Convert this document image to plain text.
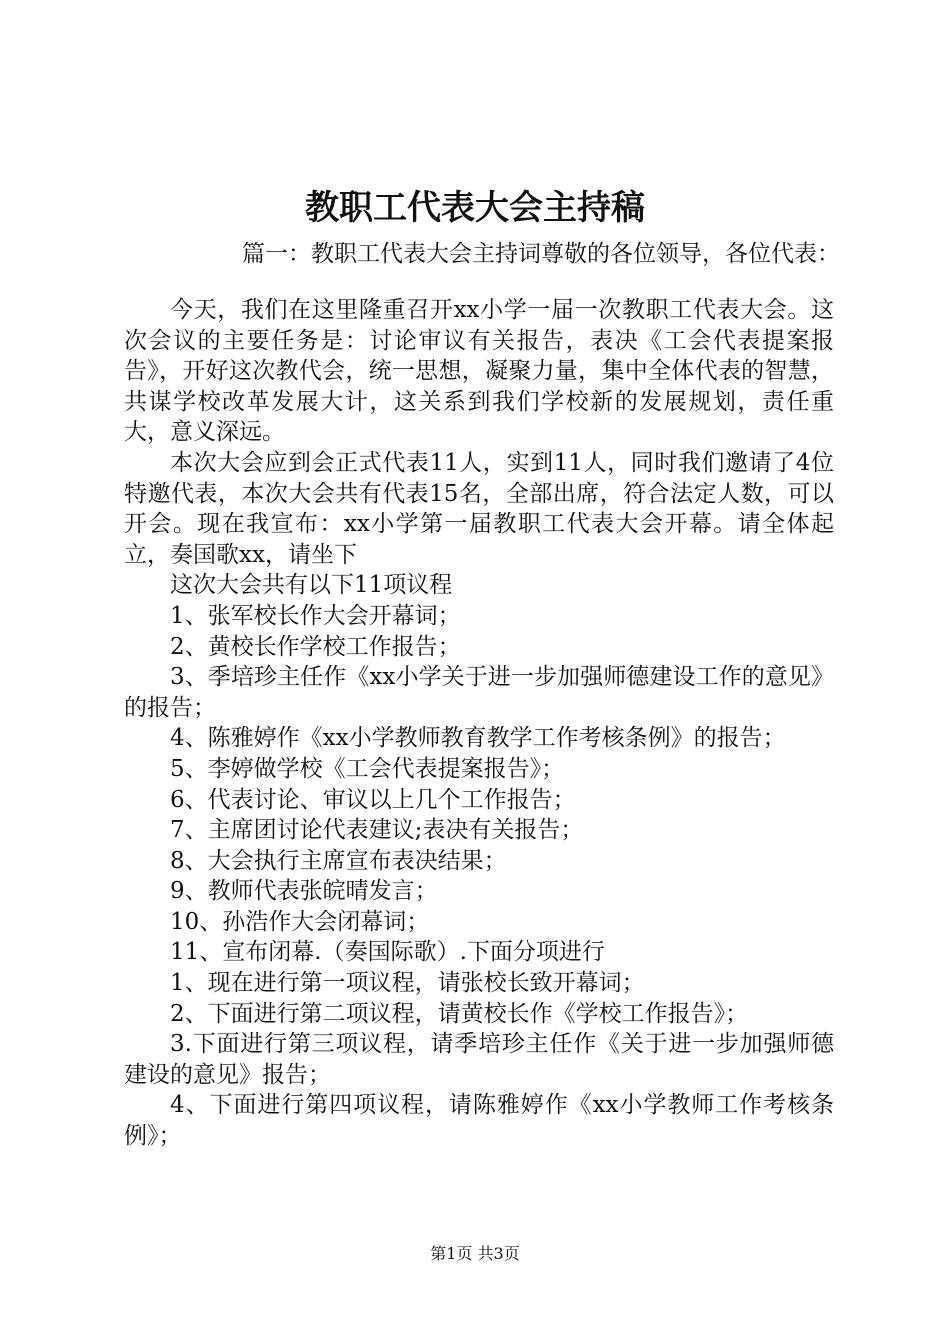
教职工代表大会主持稿
篇一：教职工代表大会主持词尊敬的各位领导，各位代表：

今天，我们在这里隆重召开xx小学一届一次教职工代表大会。这次会议的主要任务是：讨论审议有关报告，表决《工会代表提案报告》，开好这次教代会，统一思想，凝聚力量，集中全体代表的智慧，共谋学校改革发展大计，这关系到我们学校新的发展规划，责任重大，意义深远。

本次大会应到会正式代表11人，实到11人，同时我们邀请了4位特邀代表，本次大会共有代表15名，全部出席，符合法定人数，可以开会。现在我宣布：xx小学第一届教职工代表大会开幕。请全体起立，奏国歌xx，请坐下

这次大会共有以下11项议程

1、张军校长作大会开幕词；

2、黄校长作学校工作报告；

3、季培珍主任作《xx小学关于进一步加强师德建设工作的意见》的报告；

4、陈雅婷作《xx小学教师教育教学工作考核条例》的报告；

5、李婷做学校《工会代表提案报告》；

6、代表讨论、审议以上几个工作报告；

7、主席团讨论代表建议;表决有关报告；

8、大会执行主席宣布表决结果；

9、教师代表张皖晴发言；

10、孙浩作大会闭幕词；

11、宣布闭幕.（奏国际歌）.下面分项进行

1、现在进行第一项议程，请张校长致开幕词；

2、下面进行第二项议程，请黄校长作《学校工作报告》；

3.下面进行第三项议程，请季培珍主任作《关于进一步加强师德建设的意见》报告；

4、下面进行第四项议程，请陈雅婷作《xx小学教师工作考核条例》；

第1页 共3页
